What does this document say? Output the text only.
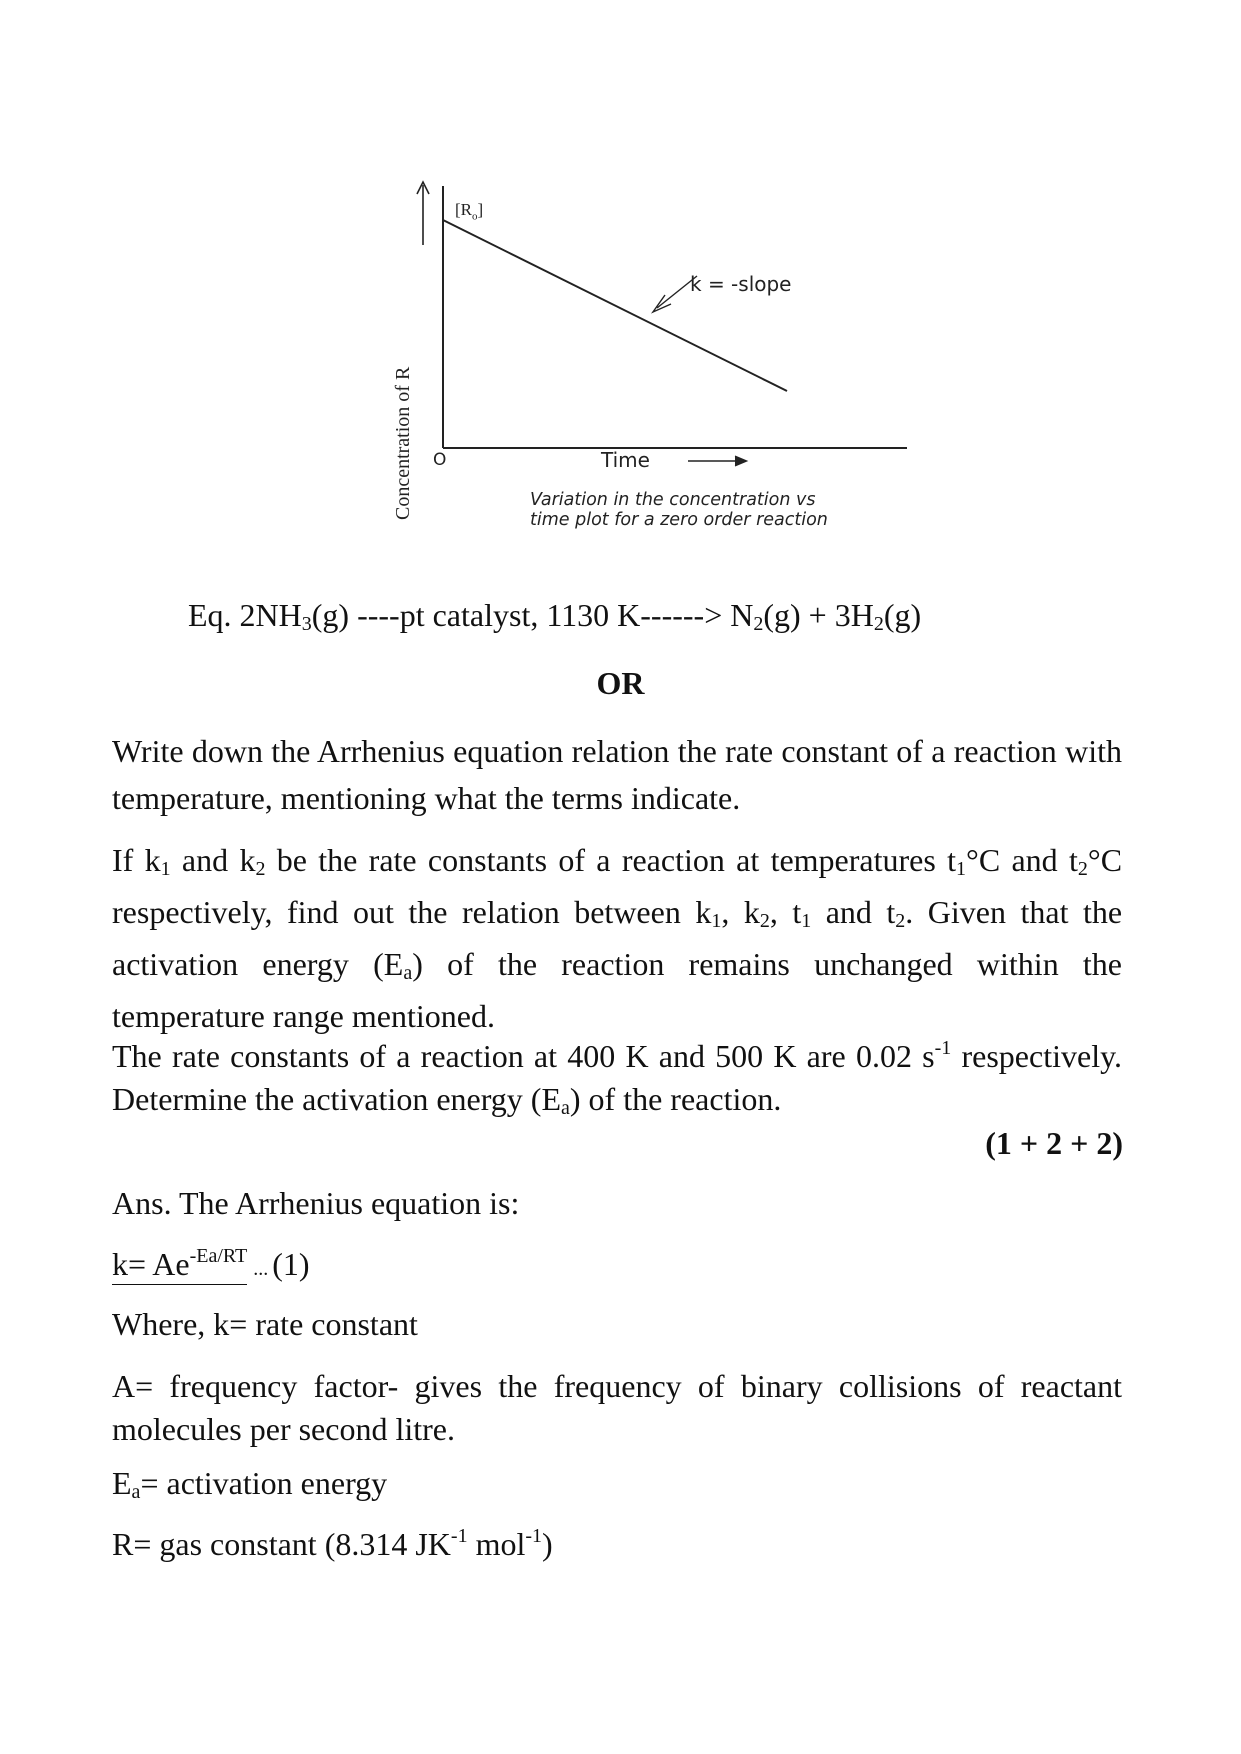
Concentration of R
$[R_o]$
k = -slope
O	Time
Variation in the concentration vs
time plot for a zero order reaction
Eq. $2NH_3(g)$ ----pt catalyst, 1130 $K------> N_2(g) + 3H_2(g)$
OR
Write down the Arrhenius equation relation the rate constant of a reaction with temperature, mentioning what the terms indicate.
If $k_1$ and $k_2$ be the rate constants of a reaction at temperatures $t_1^\circ C$ and $t_2^\circ C$ respectively, find out the relation between $k_1$, $k_2$, $t_1$ and $t_2$. Given that the activation energy $(E_a)$ of the reaction remains unchanged within the temperature range mentioned.
The rate constants of a reaction at 400 K and 500 K are 0.02 $s^{-1}$ respectively. Determine the activation energy $(E_a)$ of the reaction.
(1 + 2 + 2)
Ans. The Arrhenius equation is:
$k= Ae^{-Ea/RT}$... (1)
Where, k= rate constant
A= frequency factor- gives the frequency of binary collisions of reactant molecules per second litre.
$E_a=$ activation energy
R= gas constant (8.314 $JK^{-1}$ mol$^{-1}$)
